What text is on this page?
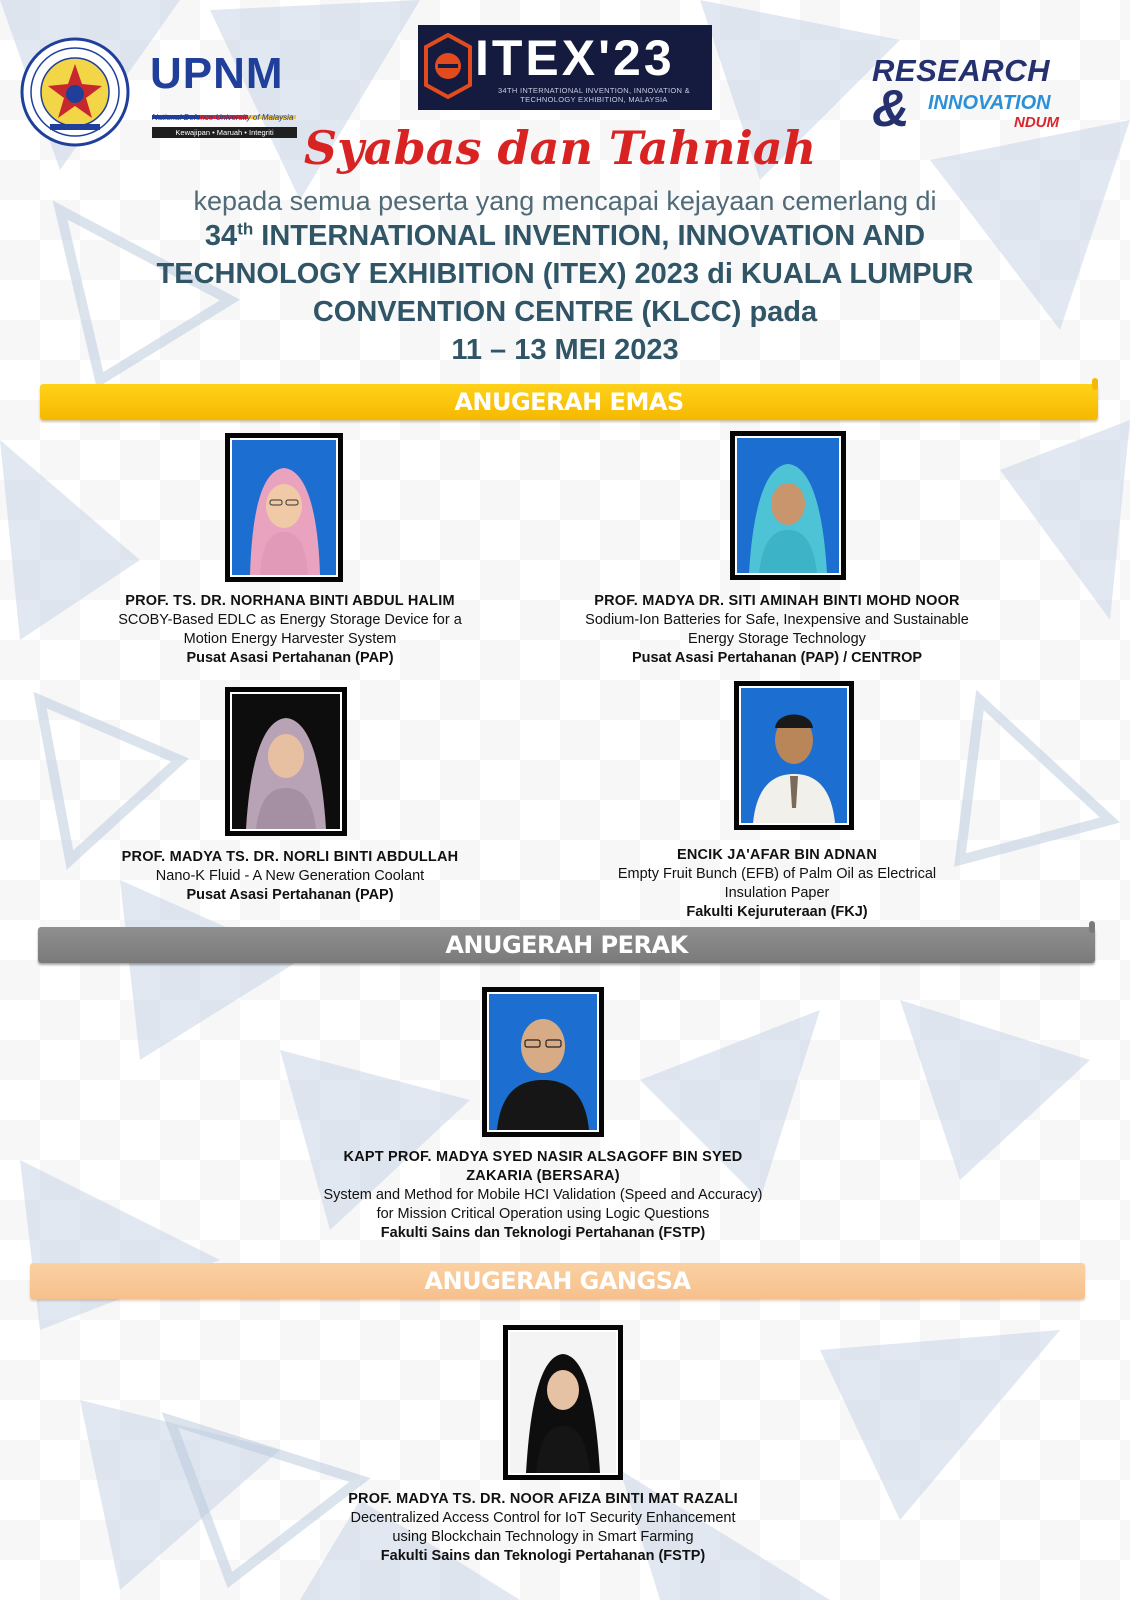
UPNM
National Defence University of Malaysia
Kewajipan • Maruah • Integriti
ITEX'23
34TH INTERNATIONAL INVENTION, INNOVATION & TECHNOLOGY EXHIBITION, MALAYSIA
RESEARCH
& INNOVATION
NDUM
Syabas dan Tahniah
kepada semua peserta yang mencapai kejayaan cemerlang di
34th INTERNATIONAL INVENTION, INNOVATION AND
TECHNOLOGY EXHIBITION (ITEX) 2023 di KUALA LUMPUR
CONVENTION CENTRE (KLCC) pada
11 – 13 MEI 2023
ANUGERAH EMAS
PROF. TS. DR. NORHANA BINTI ABDUL HALIM
SCOBY-Based EDLC as Energy Storage Device for a
Motion Energy Harvester System
Pusat Asasi Pertahanan (PAP)
PROF. MADYA DR. SITI AMINAH BINTI MOHD NOOR
Sodium-Ion Batteries for Safe, Inexpensive and Sustainable
Energy Storage Technology
Pusat Asasi Pertahanan (PAP) / CENTROP
PROF. MADYA TS. DR. NORLI BINTI ABDULLAH
Nano-K Fluid - A New Generation Coolant
Pusat Asasi Pertahanan (PAP)
ENCIK JA'AFAR BIN ADNAN
Empty Fruit Bunch (EFB) of Palm Oil as Electrical
Insulation Paper
Fakulti Kejuruteraan (FKJ)
ANUGERAH PERAK
KAPT PROF. MADYA SYED NASIR ALSAGOFF BIN SYED
ZAKARIA (BERSARA)
System and Method for Mobile HCI Validation (Speed and Accuracy)
for Mission Critical Operation using Logic Questions
Fakulti Sains dan Teknologi Pertahanan (FSTP)
ANUGERAH GANGSA
PROF. MADYA TS. DR. NOOR AFIZA BINTI MAT RAZALI
Decentralized Access Control for IoT Security Enhancement
using Blockchain Technology in Smart Farming
Fakulti Sains dan Teknologi Pertahanan (FSTP)
